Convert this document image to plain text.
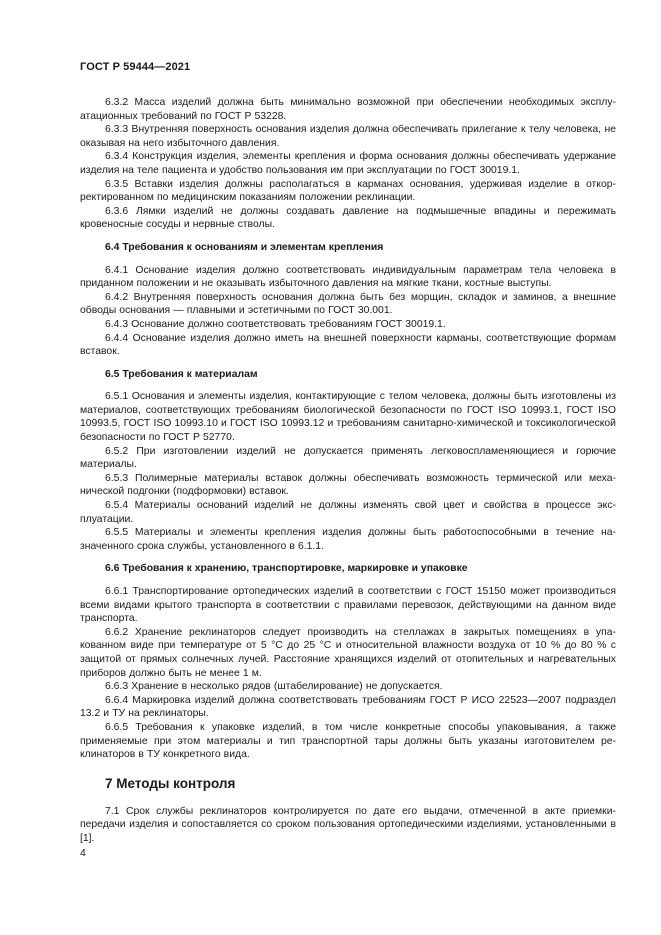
ГОСТ Р 59444—2021

6.3.2 Масса изделий должна быть минимально возможной при обеспечении необходимых эксплуатационных требований по ГОСТ Р 53228.

6.3.3 Внутренняя поверхность основания изделия должна обеспечивать прилегание к телу человека, не оказывая на него избыточного давления.

6.3.4 Конструкция изделия, элементы крепления и форма основания должны обеспечивать удержание изделия на теле пациента и удобство пользования им при эксплуатации по ГОСТ 30019.1.

6.3.5 Вставки изделия должны располагаться в карманах основания, удерживая изделие в откорректированном по медицинским показаниям положении реклинации.

6.3.6 Лямки изделий не должны создавать давление на подмышечные впадины и пережимать кровеносные сосуды и нервные стволы.

6.4 Требования к основаниям и элементам крепления

6.4.1 Основание изделия должно соответствовать индивидуальным параметрам тела человека в приданном положении и не оказывать избыточного давления на мягкие ткани, костные выступы.

6.4.2 Внутренняя поверхность основания должна быть без морщин, складок и заминов, а внешние обводы основания — плавными и эстетичными по ГОСТ 30.001.

6.4.3 Основание должно соответствовать требованиям ГОСТ 30019.1.

6.4.4 Основание изделия должно иметь на внешней поверхности карманы, соответствующие формам вставок.

6.5 Требования к материалам

6.5.1 Основания и элементы изделия, контактирующие с телом человека, должны быть изготовлены из материалов, соответствующих требованиям биологической безопасности по ГОСТ ISO 10993.1, ГОСТ ISO 10993.5, ГОСТ ISO 10993.10 и ГОСТ ISO 10993.12 и требованиям санитарно-химической и токсикологической безопасности по ГОСТ Р 52770.

6.5.2 При изготовлении изделий не допускается применять легковоспламеняющиеся и горючие материалы.

6.5.3 Полимерные материалы вставок должны обеспечивать возможность термической или механической подгонки (подформовки) вставок.

6.5.4 Материалы оснований изделий не должны изменять свой цвет и свойства в процессе эксплуатации.

6.5.5 Материалы и элементы крепления изделия должны быть работоспособными в течение назначенного срока службы, установленного в 6.1.1.

6.6 Требования к хранению, транспортировке, маркировке и упаковке

6.6.1 Транспортирование ортопедических изделий в соответствии с ГОСТ 15150 может производиться всеми видами крытого транспорта в соответствии с правилами перевозок, действующими на данном виде транспорта.

6.6.2 Хранение реклинаторов следует производить на стеллажах в закрытых помещениях в упакованном виде при температуре от 5 °С до 25 °С и относительной влажности воздуха от 10 % до 80 % с защитой от прямых солнечных лучей. Расстояние хранящихся изделий от отопительных и нагревательных приборов должно быть не менее 1 м.

6.6.3 Хранение в несколько рядов (штабелирование) не допускается.

6.6.4 Маркировка изделий должна соответствовать требованиям ГОСТ Р ИСО 22523—2007 подраздел 13.2 и ТУ на реклинаторы.

6.6.5 Требования к упаковке изделий, в том числе конкретные способы упаковывания, а также применяемые при этом материалы и тип транспортной тары должны быть указаны изготовителем реклинаторов в ТУ конкретного вида.

7 Методы контроля

7.1 Срок службы реклинаторов контролируется по дате его выдачи, отмеченной в акте приемки-передачи изделия и сопоставляется со сроком пользования ортопедическими изделиями, установленными в [1].

4
